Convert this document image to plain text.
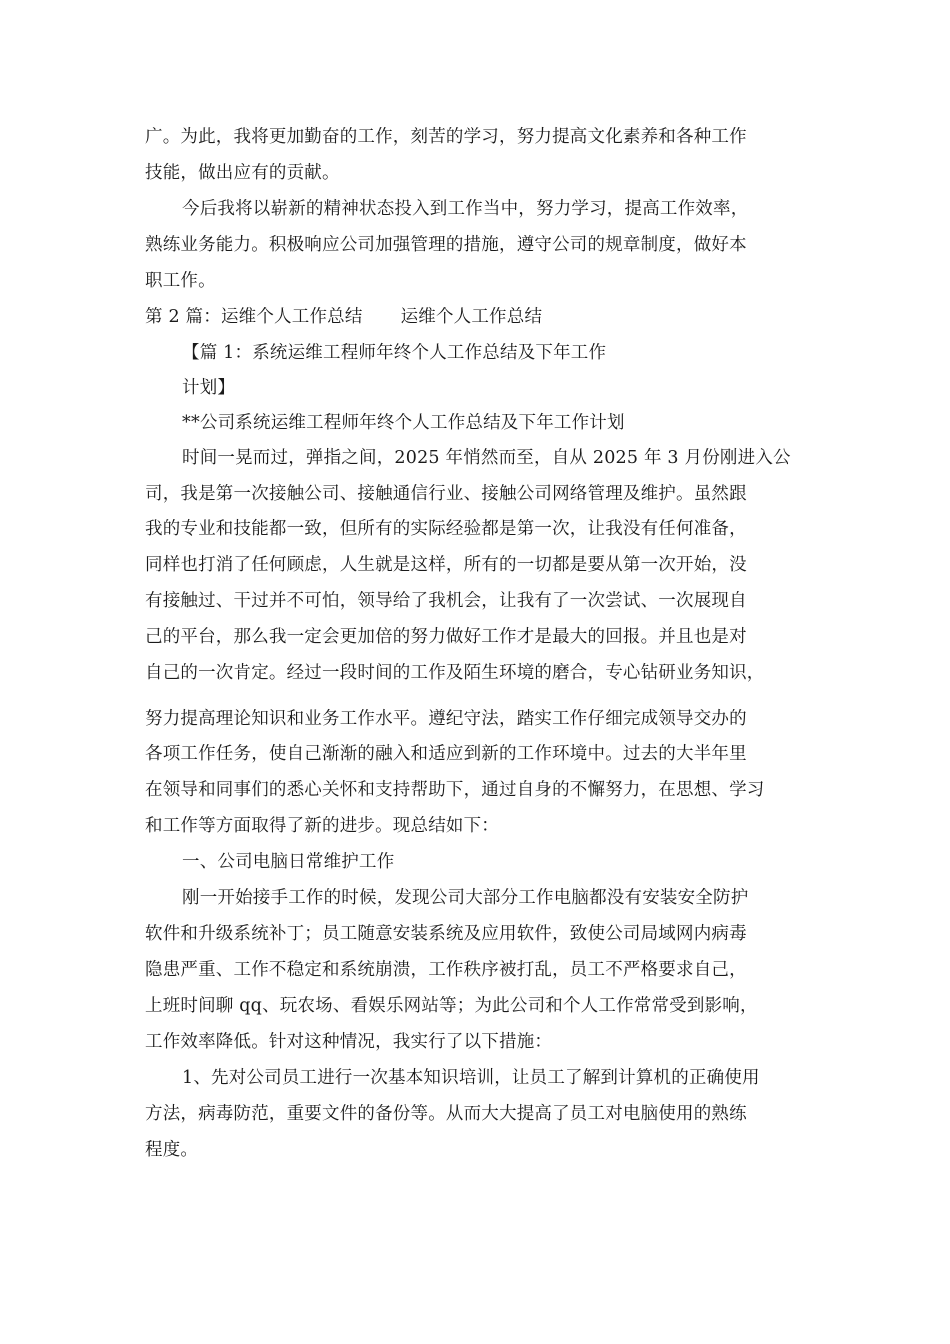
广。为此，我将更加勤奋的工作，刻苦的学习，努力提高文化素养和各种工作
技能，做出应有的贡献。
今后我将以崭新的精神状态投入到工作当中，努力学习，提高工作效率，
熟练业务能力。积极响应公司加强管理的措施，遵守公司的规章制度，做好本
职工作。
第 2 篇：运维个人工作总结 运维个人工作总结
【篇 1：系统运维工程师年终个人工作总结及下年工作
计划】
**公司系统运维工程师年终个人工作总结及下年工作计划
时间一晃而过，弹指之间，2025 年悄然而至，自从 2025 年 3 月份刚进入公
司，我是第一次接触公司、接触通信行业、接触公司网络管理及维护。虽然跟
我的专业和技能都一致，但所有的实际经验都是第一次，让我没有任何准备，
同样也打消了任何顾虑，人生就是这样，所有的一切都是要从第一次开始，没
有接触过、干过并不可怕，领导给了我机会，让我有了一次尝试、一次展现自
己的平台，那么我一定会更加倍的努力做好工作才是最大的回报。并且也是对
自己的一次肯定。经过一段时间的工作及陌生环境的磨合，专心钻研业务知识，
努力提高理论知识和业务工作水平。遵纪守法，踏实工作仔细完成领导交办的
各项工作任务，使自己渐渐的融入和适应到新的工作环境中。过去的大半年里
在领导和同事们的悉心关怀和支持帮助下，通过自身的不懈努力，在思想、学习
和工作等方面取得了新的进步。现总结如下：
一、公司电脑日常维护工作
刚一开始接手工作的时候，发现公司大部分工作电脑都没有安装安全防护
软件和升级系统补丁；员工随意安装系统及应用软件，致使公司局域网内病毒
隐患严重、工作不稳定和系统崩溃，工作秩序被打乱，员工不严格要求自己，
上班时间聊 qq、玩农场、看娱乐网站等；为此公司和个人工作常常受到影响，
工作效率降低。针对这种情况，我实行了以下措施：
1、先对公司员工进行一次基本知识培训，让员工了解到计算机的正确使用
方法，病毒防范，重要文件的备份等。从而大大提高了员工对电脑使用的熟练
程度。
